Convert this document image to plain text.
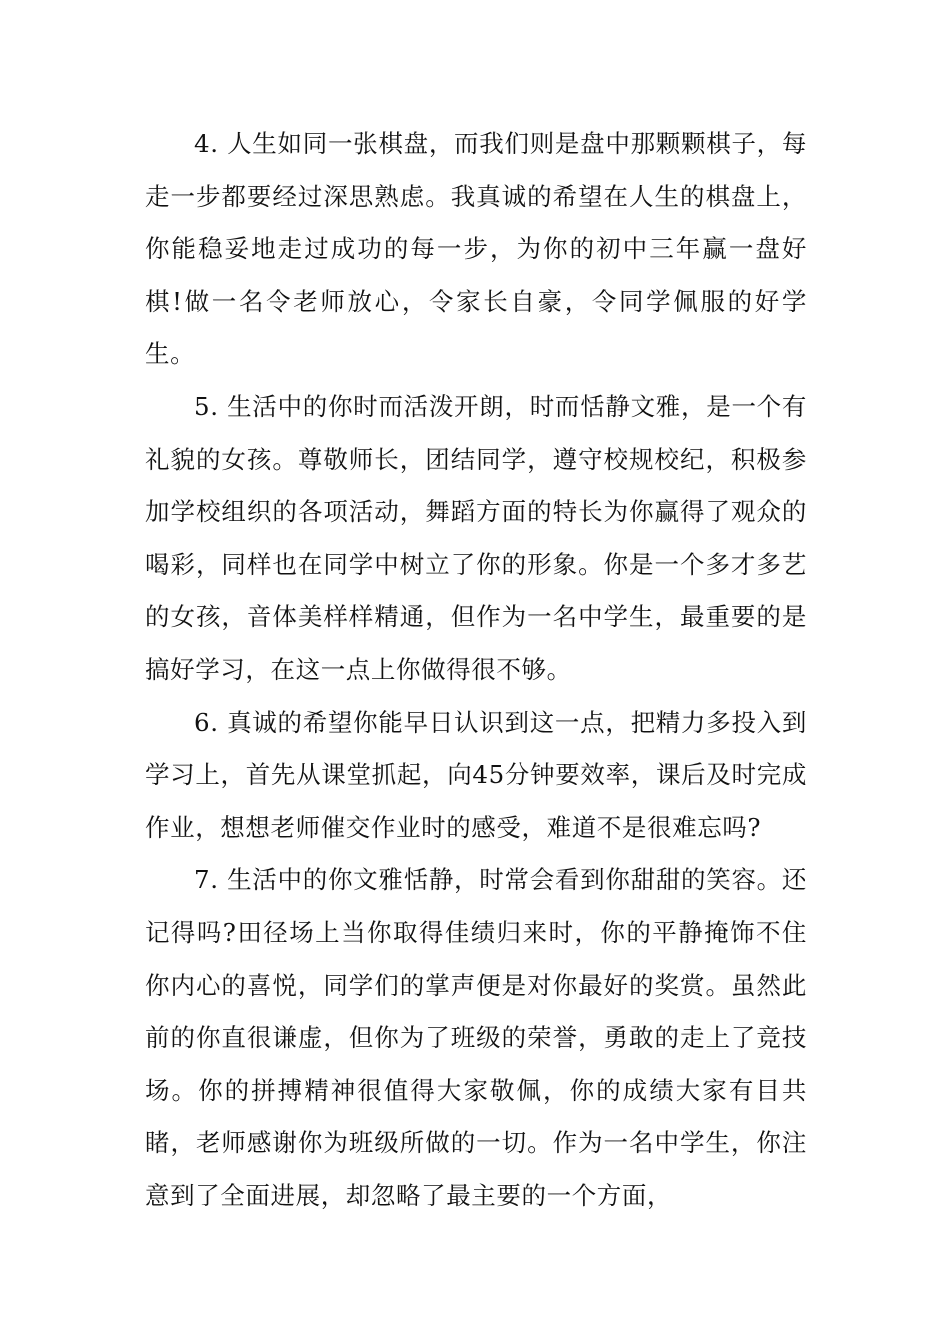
4. 人生如同一张棋盘，而我们则是盘中那颗颗棋子，每走一步都要经过深思熟虑。我真诚的希望在人生的棋盘上，你能稳妥地走过成功的每一步，为你的初中三年赢一盘好棋!做一名令老师放心，令家长自豪，令同学佩服的好学生。

5. 生活中的你时而活泼开朗，时而恬静文雅，是一个有礼貌的女孩。尊敬师长，团结同学，遵守校规校纪，积极参加学校组织的各项活动，舞蹈方面的特长为你赢得了观众的喝彩，同样也在同学中树立了你的形象。你是一个多才多艺的女孩，音体美样样精通，但作为一名中学生，最重要的是搞好学习，在这一点上你做得很不够。

6. 真诚的希望你能早日认识到这一点，把精力多投入到学习上，首先从课堂抓起，向45分钟要效率，课后及时完成作业，想想老师催交作业时的感受，难道不是很难忘吗?

7. 生活中的你文雅恬静，时常会看到你甜甜的笑容。还记得吗?田径场上当你取得佳绩归来时，你的平静掩饰不住你内心的喜悦，同学们的掌声便是对你最好的奖赏。虽然此前的你直很谦虚，但你为了班级的荣誉，勇敢的走上了竞技场。你的拼搏精神很值得大家敬佩，你的成绩大家有目共睹，老师感谢你为班级所做的一切。作为一名中学生，你注意到了全面进展，却忽略了最主要的一个方面，
